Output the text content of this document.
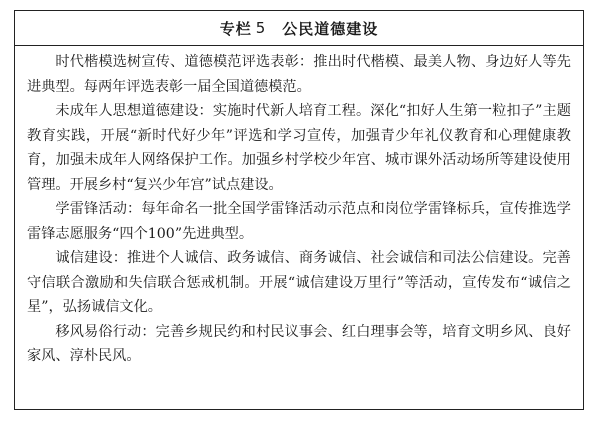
专栏 5 公民道德建设

时代楷模选树宣传、道德模范评选表彰：推出时代楷模、最美人物、身边好人等先进典型。每两年评选表彰一届全国道德模范。

未成年人思想道德建设：实施时代新人培育工程。深化“扣好人生第一粒扣子”主题教育实践，开展“新时代好少年”评选和学习宣传，加强青少年礼仪教育和心理健康教育，加强未成年人网络保护工作。加强乡村学校少年宫、城市课外活动场所等建设使用管理。开展乡村“复兴少年宫”试点建设。

学雷锋活动：每年命名一批全国学雷锋活动示范点和岗位学雷锋标兵，宣传推选学雷锋志愿服务“四个100”先进典型。

诚信建设：推进个人诚信、政务诚信、商务诚信、社会诚信和司法公信建设。完善守信联合激励和失信联合惩戒机制。开展“诚信建设万里行”等活动，宣传发布“诚信之星”，弘扬诚信文化。

移风易俗行动：完善乡规民约和村民议事会、红白理事会等，培育文明乡风、良好家风、淳朴民风。
